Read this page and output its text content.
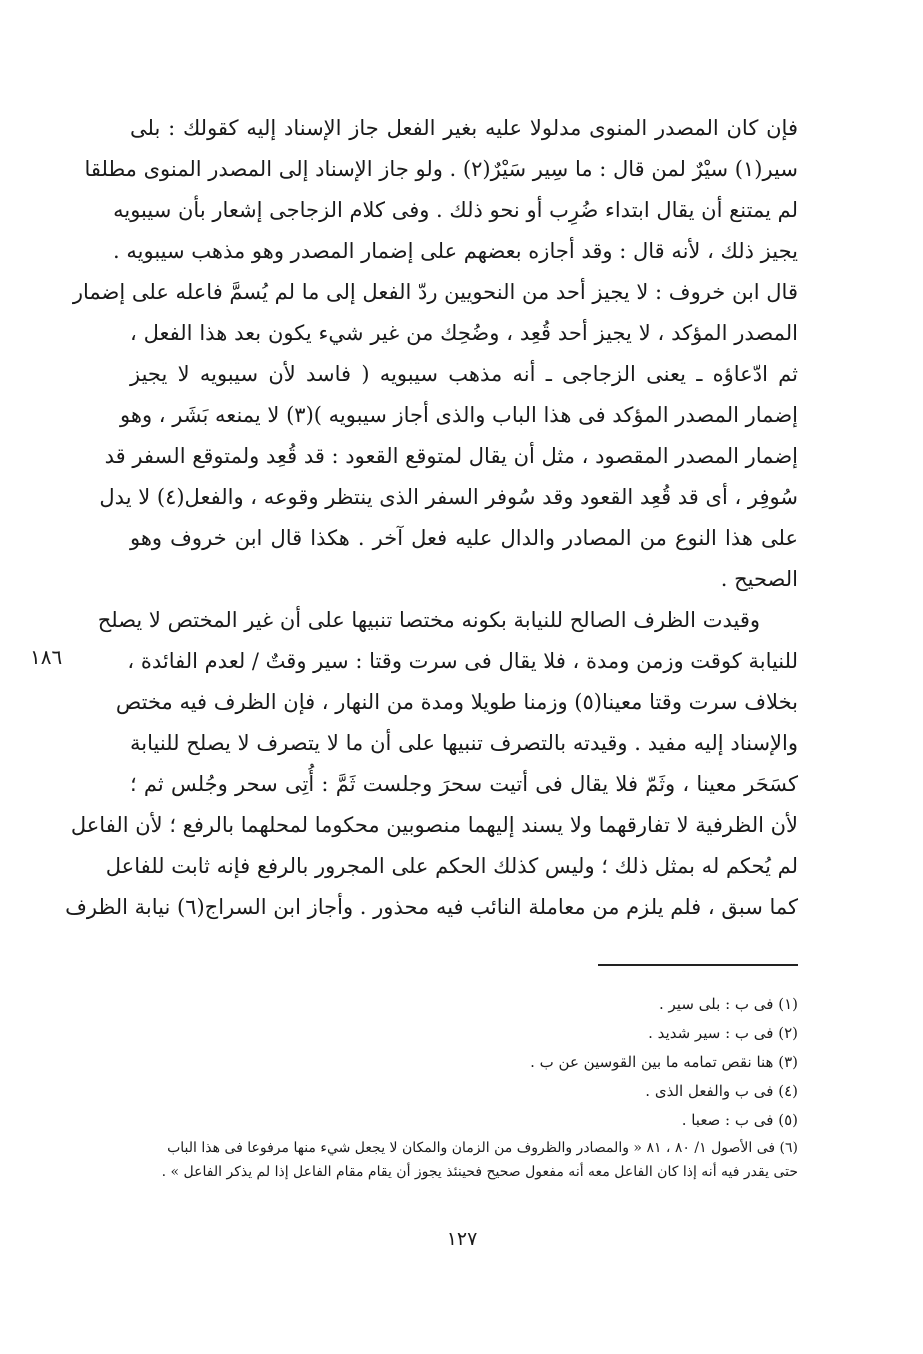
فإن كان المصدر المنوى مدلولا عليه بغير الفعل جاز الإسناد إليه كقولك : بلى
سير(١) سيْرٌ لمن قال : ما سِير سَيْرٌ(٢) . ولو جاز الإسناد إلى المصدر المنوى مطلقا
لم يمتنع أن يقال ابتداء ضُرِب أو نحو ذلك . وفى كلام الزجاجى إشعار بأن سيبويه
يجيز ذلك ، لأنه قال : وقد أجازه بعضهم على إضمار المصدر وهو مذهب سيبويه .
قال ابن خروف : لا يجيز أحد من النحويين ردّ الفعل إلى ما لم يُسمَّ فاعله على إضمار
المصدر المؤكد ، لا يجيز أحد قُعِد ، وضُحِك من غير شيء يكون بعد هذا الفعل ،
ثم ادّعاؤه ـ يعنى الزجاجى ـ أنه مذهب سيبويه ( فاسد لأن سيبويه لا يجيز
إضمار المصدر المؤكد فى هذا الباب والذى أجاز سيبويه )(٣) لا يمنعه بَشَر ، وهو
إضمار المصدر المقصود ، مثل أن يقال لمتوقع القعود : قد قُعِد ولمتوقع السفر قد
سُوفِر ، أى قد قُعِد القعود وقد سُوفر السفر الذى ينتظر وقوعه ، والفعل(٤) لا يدل
على هذا النوع من المصادر والدال عليه فعل آخر . هكذا قال ابن خروف وهو
الصحيح .
وقيدت الظرف الصالح للنيابة بكونه مختصا تنبيها على أن غير المختص لا يصلح
للنيابة كوقت وزمن ومدة ، فلا يقال فى سرت وقتا : سير وقتٌ / لعدم الفائدة ،
بخلاف سرت وقتا معينا(٥) وزمنا طويلا ومدة من النهار ، فإن الظرف فيه مختص
والإسناد إليه مفيد . وقيدته بالتصرف تنبيها على أن ما لا يتصرف لا يصلح للنيابة
كسَحَر معينا ، وثَمّ فلا يقال فى أتيت سحرَ وجلست ثَمَّ : أُتِى سحر وجُلس ثم ؛
لأن الظرفية لا تفارقهما ولا يسند إليهما منصوبين محكوما لمحلهما بالرفع ؛ لأن الفاعل
لم يُحكم له بمثل ذلك ؛ وليس كذلك الحكم على المجرور بالرفع فإنه ثابت للفاعل
كما سبق ، فلم يلزم من معاملة النائب فيه محذور . وأجاز ابن السراج(٦) نيابة الظرف
١٨٦
(١) فى ب : بلى سير .
(٢) فى ب : سير شديد .
(٣) هنا نقص تمامه ما بين القوسين عن ب .
(٤) فى ب والفعل الذى .
(٥) فى ب : صعبا .
(٦) فى الأصول ١/ ٨٠ ، ٨١ « والمصادر والظروف من الزمان والمكان لا يجعل شيء منها مرفوعا فى هذا الباب
حتى يقدر فيه أنه إذا كان الفاعل معه أنه مفعول صحيح فحينئذ يجوز أن يقام مقام الفاعل إذا لم يذكر الفاعل » .
١٢٧
